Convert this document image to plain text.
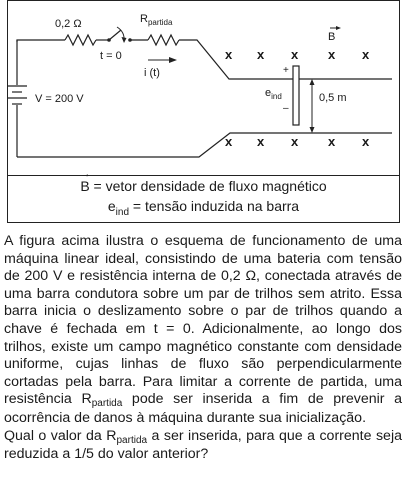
0,2 Ω	$R_{partida}$
t = 0
i (t)
V = 200 V
B
$e_{ind}$
+
–
0,5 m
x x x x x
x x x x x
→ B = vetor densidade de fluxo magnético
$e_{ind}$ = tensão induzida na barra

A figura acima ilustra o esquema de funcionamento de uma máquina linear ideal, consistindo de uma bateria com tensão de 200 V e resistência interna de 0,2 Ω, conectada através de uma barra condutora sobre um par de trilhos sem atrito. Essa barra inicia o deslizamento sobre o par de trilhos quando a chave é fechada em t = 0. Adicionalmente, ao longo dos trilhos, existe um campo magnético constante com densidade uniforme, cujas linhas de fluxo são perpendicularmente cortadas pela barra. Para limitar a corrente de partida, uma resistência $R_{partida}$ pode ser inserida a fim de prevenir a ocorrência de danos à máquina durante sua inicialização.

Qual o valor da $R_{partida}$ a ser inserida, para que a corrente seja reduzida a 1/5 do valor anterior?
